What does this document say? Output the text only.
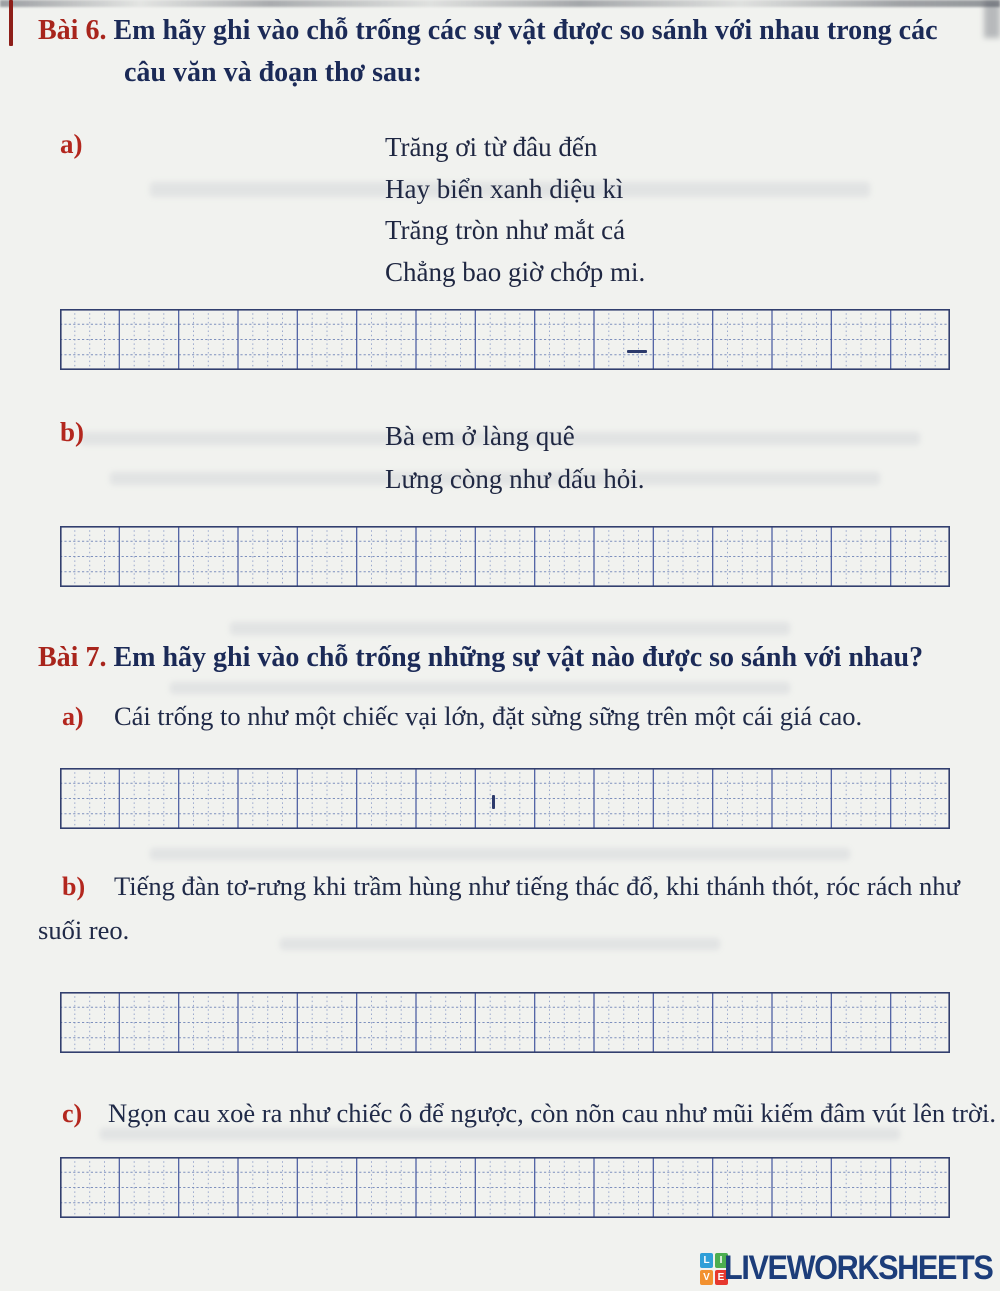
Bài 6. Em hãy ghi vào chỗ trống các sự vật được so sánh với nhau trong các
câu văn và đoạn thơ sau:
a)	Trăng ơi từ đâu đến
Hay biển xanh diệu kì
Trăng tròn như mắt cá
Chẳng bao giờ chớp mi.
b)	Bà em ở làng quê
Lưng còng như dấu hỏi.
Bài 7. Em hãy ghi vào chỗ trống những sự vật nào được so sánh với nhau?
a) Cái trống to như một chiếc vại lớn, đặt sừng sững trên một cái giá cao.
b) Tiếng đàn tơ-rưng khi trầm hùng như tiếng thác đổ, khi thánh thót, róc rách như
suối reo.
c) Ngọn cau xoè ra như chiếc ô để ngược, còn nõn cau như mũi kiếm đâm vút lên trời.
L	I
V E LIVEWORKSHEETS
